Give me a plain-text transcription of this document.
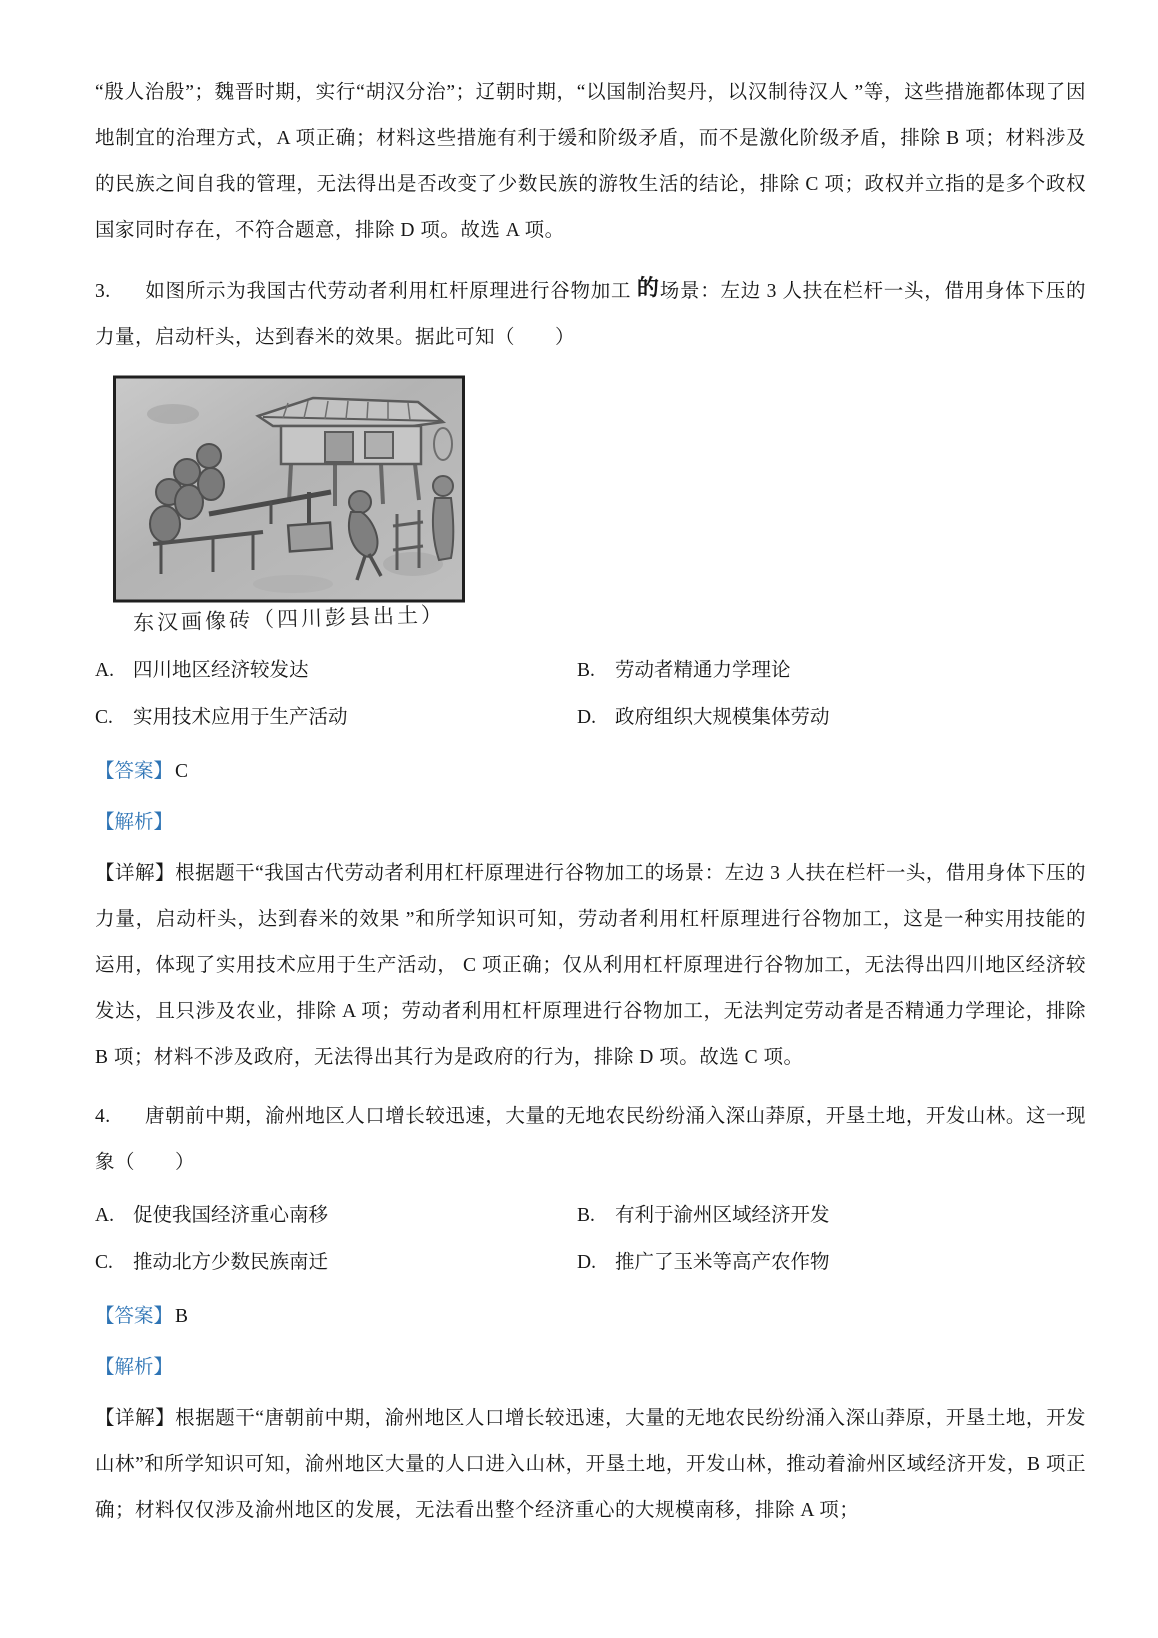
“殷人治殷”；魏晋时期，实行“胡汉分治”；辽朝时期，“以国制治契丹，以汉制待汉人 ”等，这些措施都体现了因地制宜的治理方式，A 项正确；材料这些措施有利于缓和阶级矛盾，而不是激化阶级矛盾，排除 B 项；材料涉及的民族之间自我的管理，无法得出是否改变了少数民族的游牧生活的结论，排除 C 项；政权并立指的是多个政权国家同时存在，不符合题意，排除 D 项。故选 A 项。

3. 如图所示为我国古代劳动者利用杠杆原理进行谷物加工 的场景：左边 3 人扶在栏杆一头，借用身体下压的力量，启动杆头，达到舂米的效果。据此可知（　　）

东汉画像砖（四川彭县出土）
A. 四川地区经济较发达	B. 劳动者精通力学理论
C. 实用技术应用于生产活动	D. 政府组织大规模集体劳动

【答案】 C

【解析】

【详解】根据题干“我国古代劳动者利用杠杆原理进行谷物加工的场景：左边 3 人扶在栏杆一头，借用身体下压的力量，启动杆头，达到舂米的效果 ”和所学知识可知，劳动者利用杠杆原理进行谷物加工，这是一种实用技能的运用，体现了实用技术应用于生产活动， C 项正确；仅从利用杠杆原理进行谷物加工，无法得出四川地区经济较发达，且只涉及农业，排除 A 项；劳动者利用杠杆原理进行谷物加工，无法判定劳动者是否精通力学理论，排除 B 项；材料不涉及政府，无法得出其行为是政府的行为，排除 D 项。故选 C 项。

4. 唐朝前中期，渝州地区人口增长较迅速，大量的无地农民纷纷涌入深山莽原，开垦土地，开发山林。这一现象（　　）

A. 促使我国经济重心南移	B. 有利于渝州区域经济开发
C. 推动北方少数民族南迁	D. 推广了玉米等高产农作物

【答案】 B

【解析】

【详解】根据题干“唐朝前中期，渝州地区人口增长较迅速，大量的无地农民纷纷涌入深山莽原，开垦土地，开发山林”和所学知识可知，渝州地区大量的人口进入山林，开垦土地，开发山林，推动着渝州区域经济开发，B 项正确；材料仅仅涉及渝州地区的发展，无法看出整个经济重心的大规模南移，排除 A 项；
